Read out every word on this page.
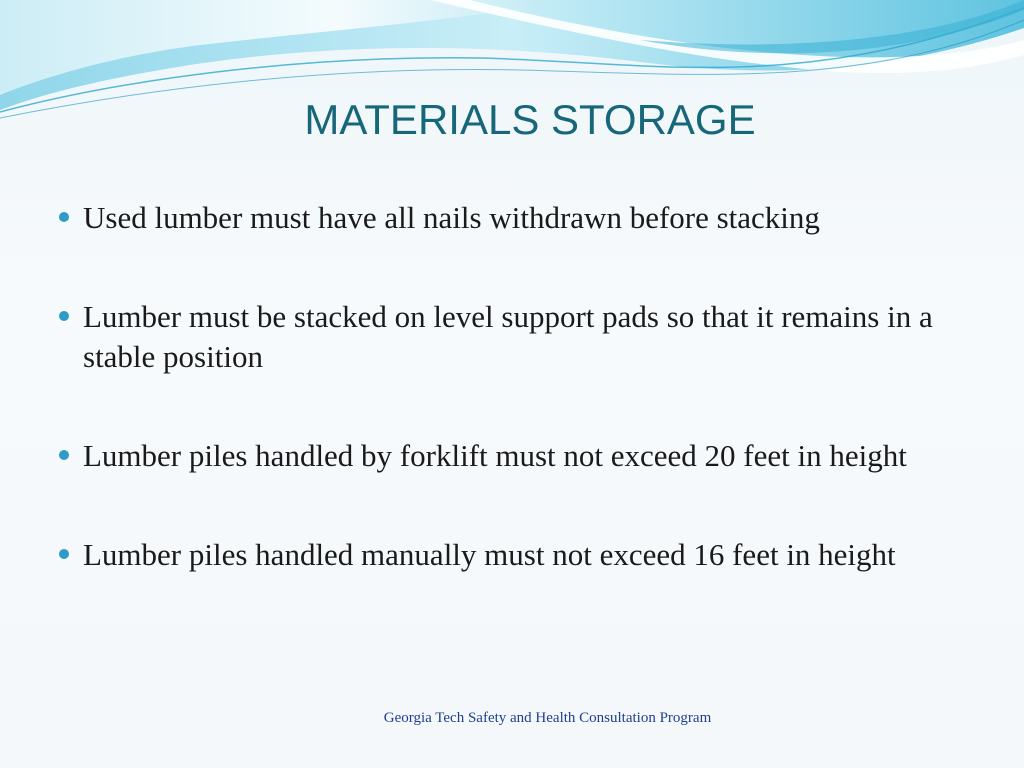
MATERIALS STORAGE
Used lumber must have all nails withdrawn before stacking
Lumber must be stacked on level support pads so that it remains in a stable position
Lumber piles handled by forklift must not exceed 20 feet in height
Lumber piles handled manually must not exceed 16 feet in height
Georgia Tech Safety and Health Consultation Program
